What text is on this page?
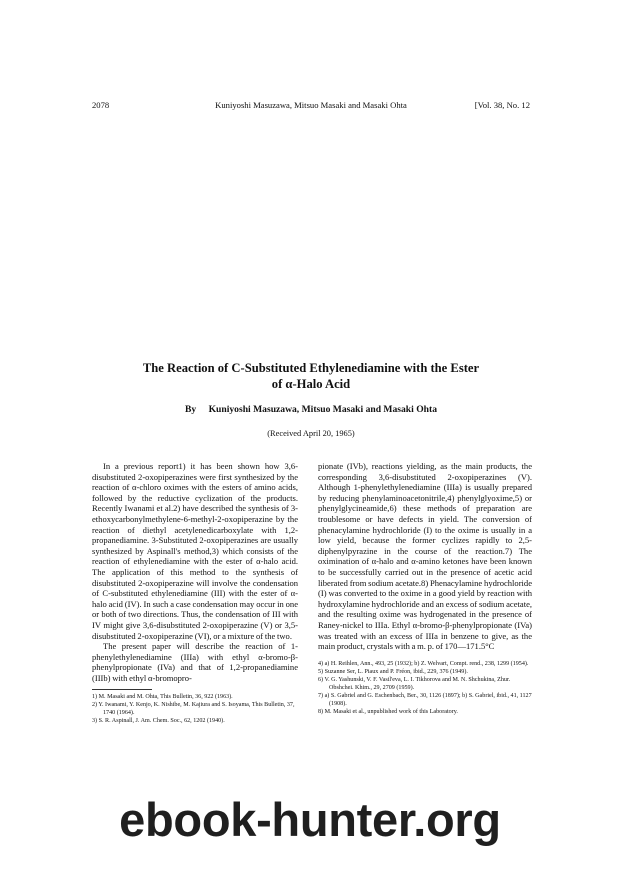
2078	Kuniyoshi Masuzawa, Mitsuo Masaki and Masaki Ohta	[Vol. 38, No. 12

The Reaction of C-Substituted Ethylenediamine with the Ester
of α-Halo Acid

By Kuniyoshi Masuzawa, Mitsuo Masaki and Masaki Ohta
(Received April 20, 1965)

In a previous report1) it has been shown how 3,6-disubstituted 2-oxopiperazines were first synthesized by the reaction of α-chloro oximes with the esters of amino acids, followed by the reductive cyclization of the products. Recently Iwanami et al.2) have described the synthesis of 3-ethoxycarbonylmethylene-6-methyl-2-oxopiperazine by the reaction of diethyl acetylenedicarboxylate with 1,2-propanediamine. 3-Substituted 2-oxopiperazines are usually synthesized by Aspinall's method,3) which consists of the reaction of ethylenediamine with the ester of α-halo acid. The application of this method to the synthesis of disubstituted 2-oxopiperazine will involve the condensation of C-substituted ethylenediamine (III) with the ester of α-halo acid (IV). In such a case condensation may occur in one or both of two directions. Thus, the condensation of III with IV might give 3,6-disubstituted 2-oxopiperazine (V) or 3,5-disubstituted 2-oxopiperazine (VI), or a mixture of the two.

The present paper will describe the reaction of 1-phenylethylenediamine (IIIa) with ethyl α-bromo-β-phenylpropionate (IVa) and that of 1,2-propanediamine (IIIb) with ethyl α-bromopro-

1) M. Masaki and M. Ohta, This Bulletin, 36, 922 (1963).

2) Y. Iwanami, Y. Kenjo, K. Nishibe, M. Kajiura and S. Isoyama, This Bulletin, 37, 1740 (1964).

3) S. R. Aspinall, J. Am. Chem. Soc., 62, 1202 (1940).

pionate (IVb), reactions yielding, as the main products, the corresponding 3,6-disubstituted 2-oxopiperazines (V). Although 1-phenylethylenediamine (IIIa) is usually prepared by reducing phenylaminoacetonitrile,4) phenylglyoxime,5) or phenylglycineamide,6) these methods of preparation are troublesome or have defects in yield. The conversion of phenacylamine hydrochloride (I) to the oxime is usually in a low yield, because the former cyclizes rapidly to 2,5-diphenylpyrazine in the course of the reaction.7) The oximination of α-halo and α-amino ketones have been known to be successfully carried out in the presence of acetic acid liberated from sodium acetate.8) Phenacylamine hydrochloride (I) was converted to the oxime in a good yield by reaction with hydroxylamine hydrochloride and an excess of sodium acetate, and the resulting oxime was hydrogenated in the presence of Raney-nickel to IIIa. Ethyl α-bromo-β-phenylpropionate (IVa) was treated with an excess of IIIa in benzene to give, as the main product, crystals with a m. p. of 170—171.5°C

4) a) H. Reihlen, Ann., 493, 25 (1932); b) Z. Welvart, Compt. rend., 238, 1299 (1954).

5) Suzanne Ser, L. Piaux and P. Fréon, ibid., 229, 376 (1949).

6) V. G. Yashunski, V. F. Vasil'eva, L. I. Tikhorova and M. N. Shchukina, Zhur. Obshchei. Khim., 29, 2709 (1959).

7) a) S. Gabriel and G. Eschenbach, Ber., 30, 1126 (1897); b) S. Gabriel, ibid., 41, 1127 (1908).

8) M. Masaki et al., unpublished work of this Laboratory.

ebook-hunter.org
